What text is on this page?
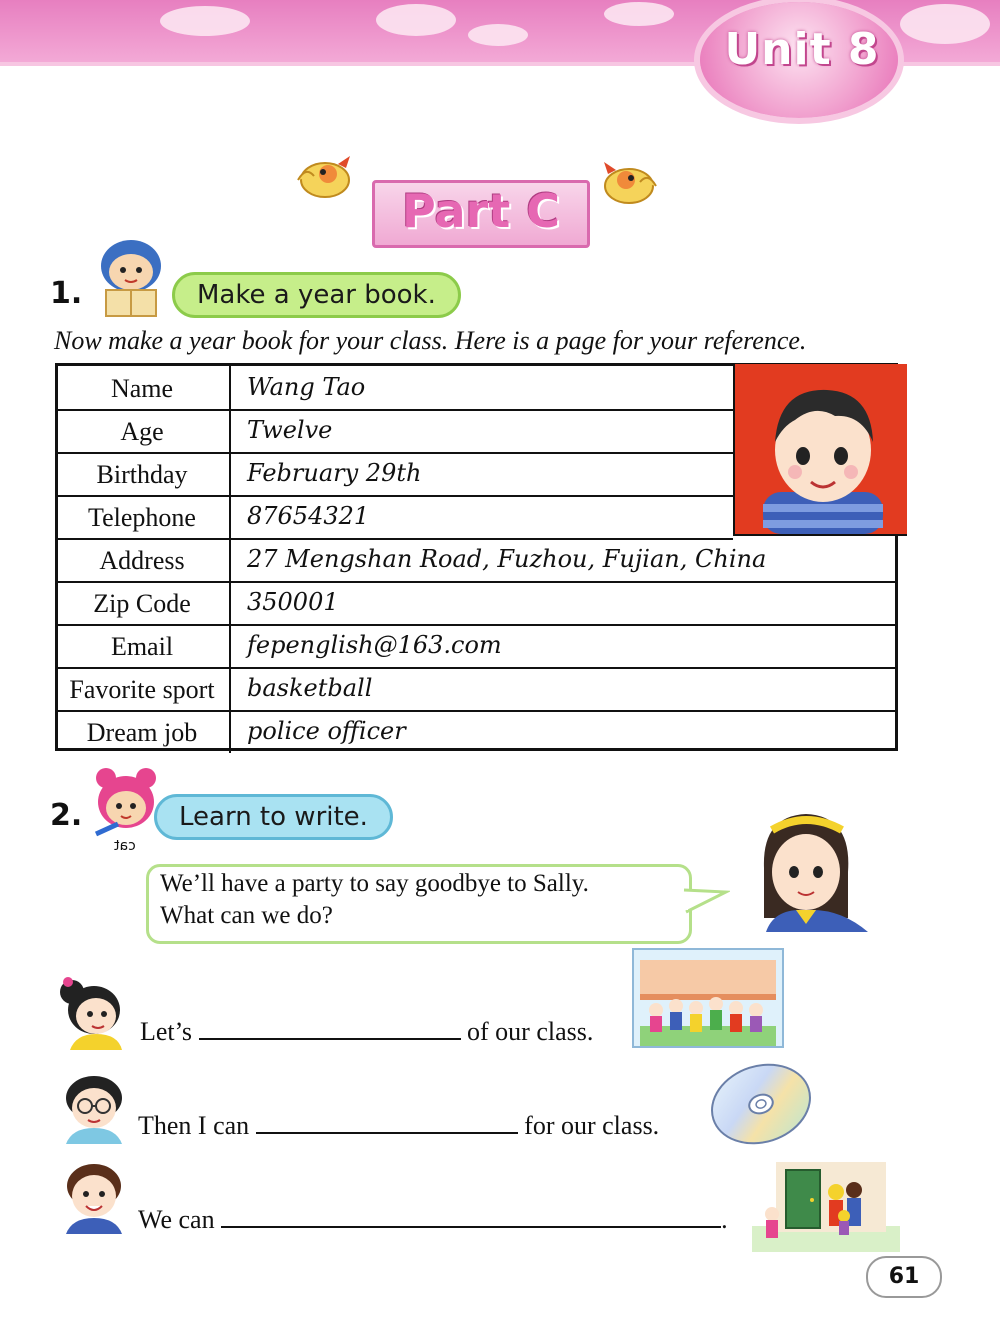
Unit 8
Part C
1.	Make a year book.
Now make a year book for your class. Here is a page for your reference.
Name	Wang Tao
Age	Twelve
Birthday	February 29th
Telephone	87654321
Address	27 Mengshan Road, Fuzhou, Fujian, China
Zip Code	350001
Email	fepenglish@163.com
Favorite sport	basketball
Dream job	police officer
2.
cat
Learn to write.
We’ll have a party to say goodbye to Sally.
What can we do?
Let’s	of our class.
Then I can	for our class.
We can	.
61
